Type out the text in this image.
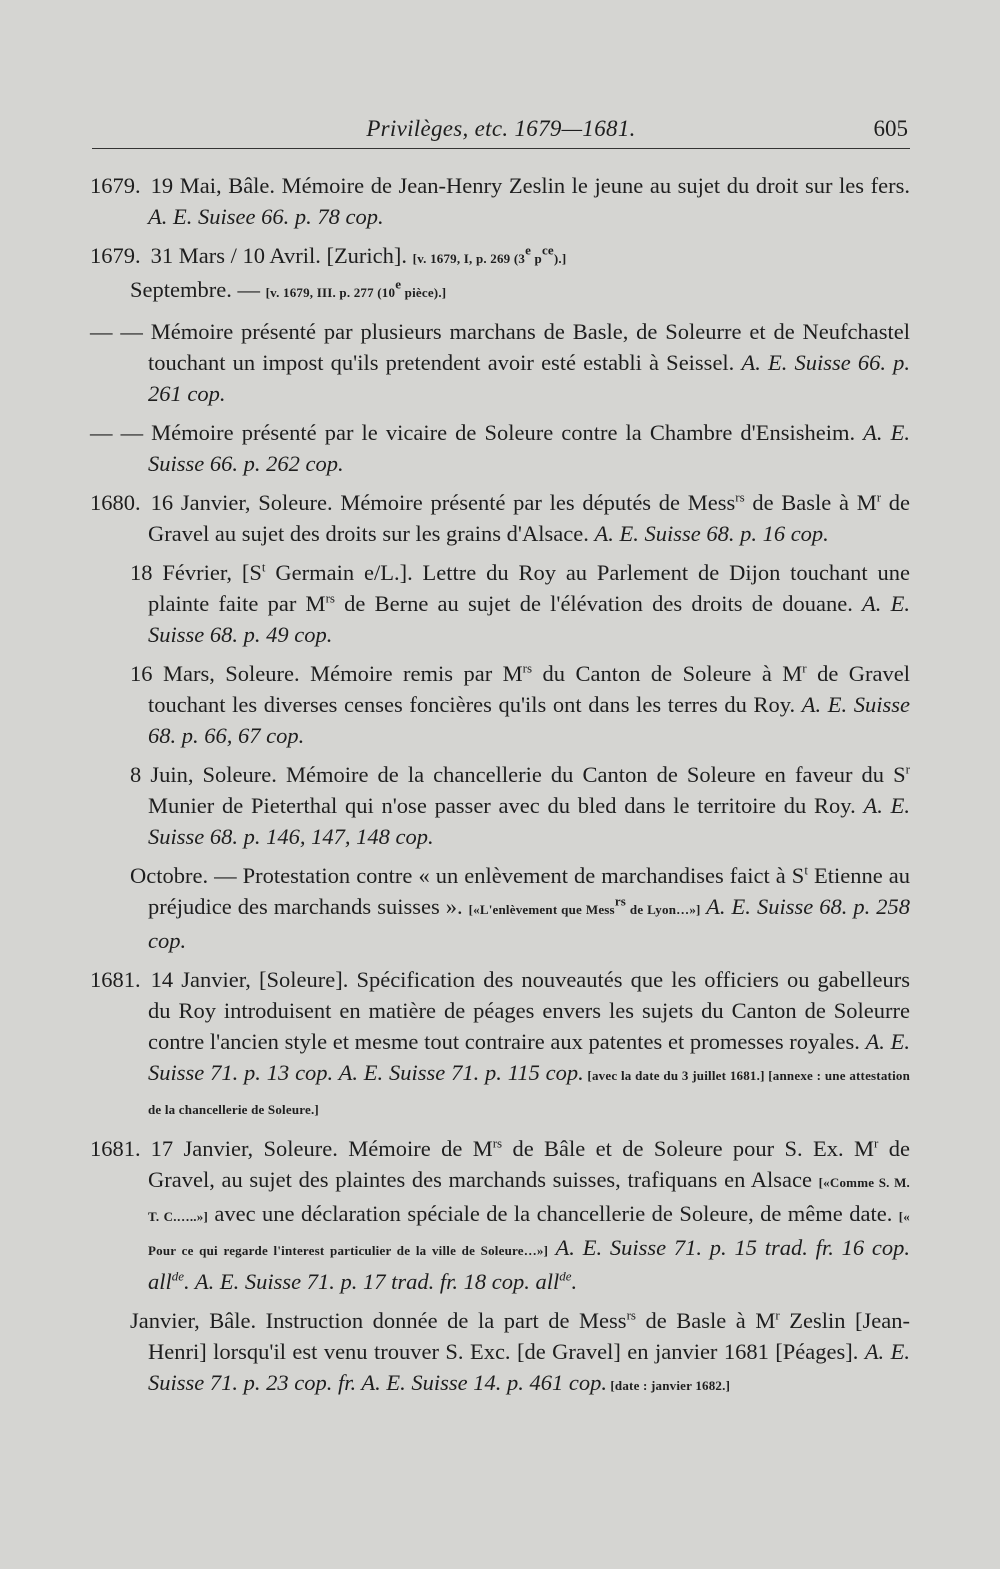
Privilèges, etc. 1679—1681.	605
1679. 19 Mai, Bâle. Mémoire de Jean-Henry Zeslin le jeune au sujet du droit sur les fers. A. E. Suisee 66. p. 78 cop.
1679. 31 Mars / 10 Avril. [Zurich]. [v. 1679, I, p. 269 (3e p$^{ce}$).]
Septembre. — [v. 1679, III. p. 277 (10e pièce).]
— — Mémoire présenté par plusieurs marchans de Basle, de Soleurre et de Neufchastel touchant un impost qu'ils pretendent avoir esté establi à Seissel. A. E. Suisse 66. p. 261 cop.
— — Mémoire présenté par le vicaire de Soleure contre la Chambre d'Ensisheim. A. E. Suisse 66. p. 262 cop.
1680. 16 Janvier, Soleure. Mémoire présenté par les députés de Mess$^{rs}$ de Basle à $M^r$ de Gravel au sujet des droits sur les grains d'Alsace. A. E. Suisse 68. p. 16 cop.
18 Février, [$S^t$ Germain e/L.]. Lettre du Roy au Parlement de Dijon touchant une plainte faite par $M^{rs}$ de Berne au sujet de l'élévation des droits de douane. A. E. Suisse 68. p. 49 cop.
16 Mars, Soleure. Mémoire remis par $M^{rs}$ du Canton de Soleure à $M^r$ de Gravel touchant les diverses censes foncières qu'ils ont dans les terres du Roy. A. E. Suisse 68. p. 66, 67 cop.
8 Juin, Soleure. Mémoire de la chancellerie du Canton de Soleure en faveur du $S^r$ Munier de Pieterthal qui n'ose passer avec du bled dans le territoire du Roy. A. E. Suisse 68. p. 146, 147, 148 cop.
Octobre. — Protestation contre « un enlèvement de marchandises faict à $S^t$ Etienne au préjudice des marchands suisses ». [«L'enlèvement que Mess$^{rs}$ de Lyon…»] A. E. Suisse 68. p. 258 cop.
1681. 14 Janvier, [Soleure]. Spécification des nouveautés que les officiers ou gabelleurs du Roy introduisent en matière de péages envers les sujets du Canton de Soleurre contre l'ancien style et mesme tout contraire aux patentes et promesses royales. A. E. Suisse 71. p. 13 cop. A. E. Suisse 71. p. 115 cop. [avec la date du 3 juillet 1681.] [annexe : une attestation de la chancellerie de Soleure.]
1681. 17 Janvier, Soleure. Mémoire de $M^{rs}$ de Bâle et de Soleure pour S. Ex. $M^r$ de Gravel, au sujet des plaintes des marchands suisses, trafiquans en Alsace [«Comme S. M. T. C.…..»] avec une déclaration spéciale de la chancellerie de Soleure, de même date. [« Pour ce qui regarde l'interest particulier de la ville de Soleure…»] A. E. Suisse 71. p. 15 trad. fr. 16 cop. all$^{de}$. A. E. Suisse 71. p. 17 trad. fr. 18 cop. all$^{de}$.
Janvier, Bâle. Instruction donnée de la part de Mess$^{rs}$ de Basle à $M^r$ Zeslin [Jean-Henri] lorsqu'il est venu trouver S. Exc. [de Gravel] en janvier 1681 [Péages]. A. E. Suisse 71. p. 23 cop. fr. A. E. Suisse 14. p. 461 cop. [date : janvier 1682.]
